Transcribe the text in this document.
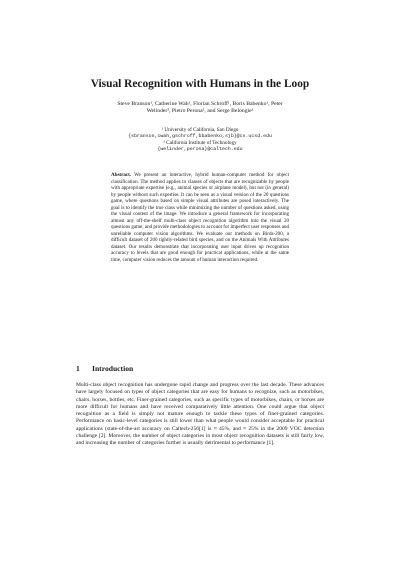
Visual Recognition with Humans in the Loop
Steve Branson¹, Catherine Wah¹, Florian Schroff¹, Boris Babenko¹, Peter
Welinder², Pietro Perona², and Serge Belongie¹
¹ University of California, San Diego
{sbranson,cwah,gschroff,bbabenko,sjb}@cs.ucsd.edu
² California Institute of Technology
{welinder,perona}@caltech.edu
Abstract. We present an interactive, hybrid human-computer method for object classification. The method applies to classes of objects that are recognizable by people with appropriate expertise (e.g., animal species or airplane model), but not (in general) by people without such expertise. It can be seen as a visual version of the 20 questions game, where questions based on simple visual attributes are posed interactively. The goal is to identify the true class while minimizing the number of questions asked, using the visual content of the image. We introduce a general framework for incorporating almost any off-the-shelf multi-class object recognition algorithm into the visual 20 questions game, and provide methodologies to account for imperfect user responses and unreliable computer vision algorithms. We evaluate our methods on Birds-200, a difficult dataset of 200 tightly-related bird species, and on the Animals With Attributes dataset. Our results demonstrate that incorporating user input drives up recognition accuracy to levels that are good enough for practical applications, while at the same time, computer vision reduces the amount of human interaction required.
1 Introduction
Multi-class object recognition has undergone rapid change and progress over the last decade. These advances have largely focused on types of object categories that are easy for humans to recognize, such as motorbikes, chairs, horses, bottles, etc. Finer-grained categories, such as specific types of motorbikes, chairs, or horses are more difficult for humans and have received comparatively little attention. One could argue that object recognition as a field is simply not mature enough to tackle these types of finer-grained categories. Performance on basic-level categories is still lower than what people would consider acceptable for practical applications (state-of-the-art accuracy on Caltech-256[1] is ≈ 45%, and ≈ 25% in the 2009 VOC detection challenge [2]. Moreover, the number of object categories in most object recognition datasets is still fairly low, and increasing the number of categories further is usually detrimental to performance [1].
